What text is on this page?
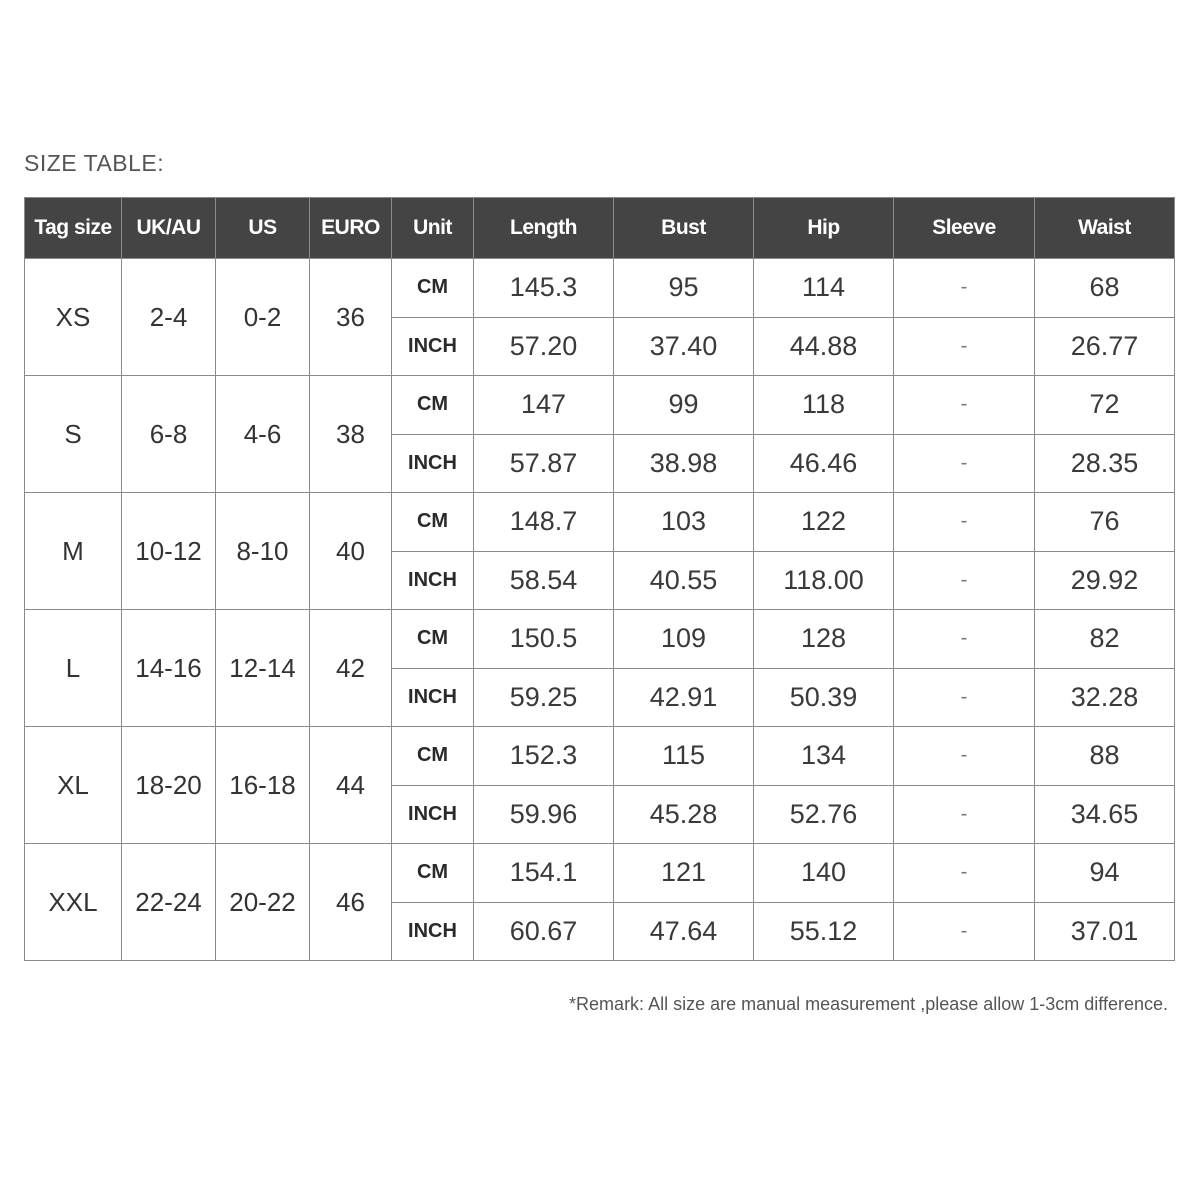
SIZE TABLE:
Tag size	UK/AU	US	EURO	Unit	Length	Bust	Hip	Sleeve	Waist
XS	2-4	0-2	36	CM	145.3	95	114	-	68
				INCH	57.20	37.40	44.88	-	26.77
S	6-8	4-6	38	CM	147	99	118	-	72
				INCH	57.87	38.98	46.46	-	28.35
M	10-12	8-10	40	CM	148.7	103	122	-	76
				INCH	58.54	40.55	118.00	-	29.92
L	14-16	12-14	42	CM	150.5	109	128	-	82
				INCH	59.25	42.91	50.39	-	32.28
XL	18-20	16-18	44	CM	152.3	115	134	-	88
				INCH	59.96	45.28	52.76	-	34.65
XXL	22-24	20-22	46	CM	154.1	121	140	-	94
				INCH	60.67	47.64	55.12	-	37.01
*Remark: All size are manual measurement ,please allow 1-3cm difference.
